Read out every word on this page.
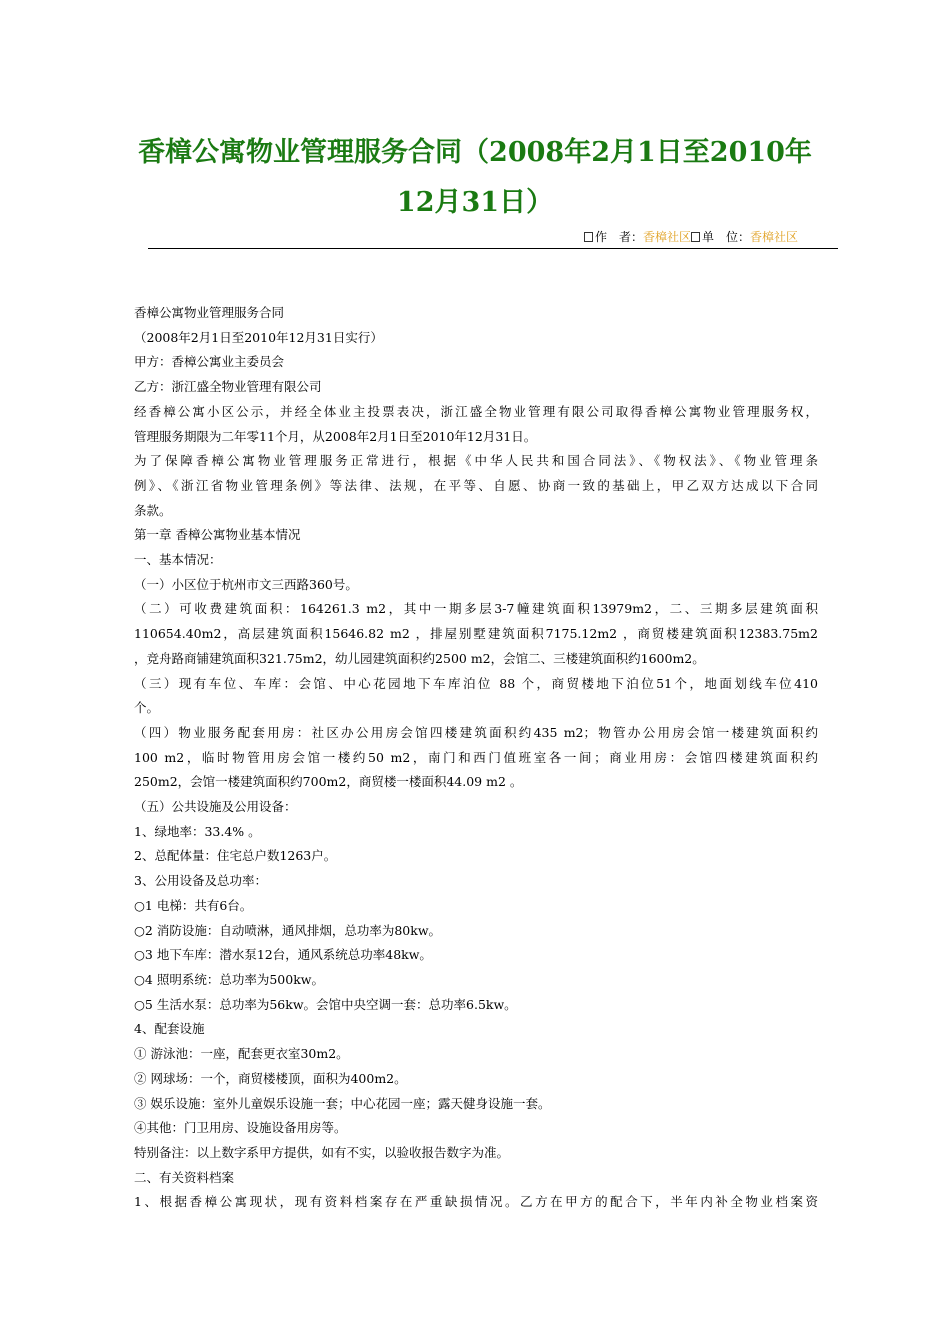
香樟公寓物业管理服务合同（2008年2月1日至2010年
12月31日）
作　者：香樟社区 单　位：香樟社区

香樟公寓物业管理服务合同

（2008年2月1日至2010年12月31日实行）

甲方：香樟公寓业主委员会

乙方：浙江盛全物业管理有限公司

经香樟公寓小区公示，并经全体业主投票表决，浙江盛全物业管理有限公司取得香樟公寓物业管理服务权，

管理服务期限为二年零11个月，从2008年2月1日至2010年12月31日。

为了保障香樟公寓物业管理服务正常进行，根据《中华人民共和国合同法》、《物权法》、《物业管理条

例》、《浙江省物业管理条例》等法律、法规，在平等、自愿、协商一致的基础上，甲乙双方达成以下合同

条款。

第一章 香樟公寓物业基本情况

一、基本情况：

（一）小区位于杭州市文三西路360号。

（二）可收费建筑面积：164261.3 m2，其中一期多层3-7幢建筑面积13979m2，二、三期多层建筑面积

110654.40m2，高层建筑面积15646.82 m2 ，排屋别墅建筑面积7175.12m2 ，商贸楼建筑面积12383.75m2

，竞舟路商铺建筑面积321.75m2，幼儿园建筑面积约2500 m2，会馆二、三楼建筑面积约1600m2。

（三）现有车位、车库：会馆、中心花园地下车库泊位 88 个，商贸楼地下泊位51个，地面划线车位410

个。

（四）物业服务配套用房：社区办公用房会馆四楼建筑面积约435 m2；物管办公用房会馆一楼建筑面积约

100 m2，临时物管用房会馆一楼约50 m2，南门和西门值班室各一间；商业用房：会馆四楼建筑面积约

250m2，会馆一楼建筑面积约700m2，商贸楼一楼面积44.09 m2 。

（五）公共设施及公用设备：

1、绿地率：33.4% 。

2、总配体量：住宅总户数1263户。

3、公用设备及总功率：

○1 电梯：共有6台。

○2 消防设施：自动喷淋，通风排烟，总功率为80kw。

○3 地下车库：潜水泵12台，通风系统总功率48kw。

○4 照明系统：总功率为500kw。

○5 生活水泵：总功率为56kw。会馆中央空调一套：总功率6.5kw。

4、配套设施

① 游泳池：一座，配套更衣室30m2。

② 网球场：一个，商贸楼楼顶，面积为400m2。

③ 娱乐设施：室外儿童娱乐设施一套；中心花园一座；露天健身设施一套。

④其他：门卫用房、设施设备用房等。

特别备注：以上数字系甲方提供，如有不实，以验收报告数字为准。

二、有关资料档案

1、根据香樟公寓现状，现有资料档案存在严重缺损情况。乙方在甲方的配合下，半年内补全物业档案资
